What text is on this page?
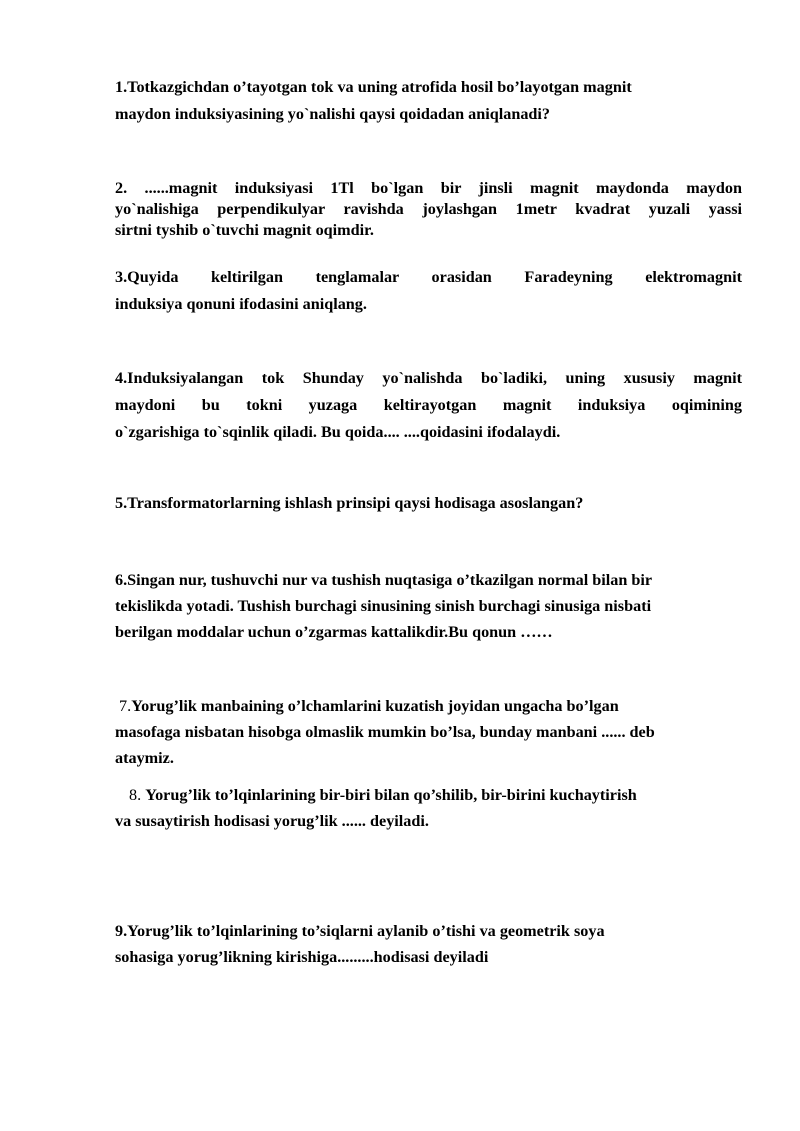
1.Totkazgichdan o’tayotgan tok va uning atrofida hosil bo’layotgan magnit
maydon induksiyasining yo`nalishi qaysi qoidadan aniqlanadi?

2. ......magnit induksiyasi 1Tl bo`lgan bir jinsli magnit maydonda maydon
yo`nalishiga perpendikulyar ravishda joylashgan 1metr kvadrat yuzali yassi
sirtni tyshib o`tuvchi magnit oqimdir.

3.Quyida keltirilgan tenglamalar orasidan Faradeyning elektromagnit
induksiya qonuni ifodasini aniqlang.

4.Induksiyalangan tok Shunday yo`nalishda bo`ladiki, uning xususiy magnit
maydoni bu tokni yuzaga keltirayotgan magnit induksiya oqimining
o`zgarishiga to`sqinlik qiladi. Bu qoida.... ....qoidasini ifodalaydi.

5.Transformatorlarning ishlash prinsipi qaysi hodisaga asoslangan?

6.Singan nur, tushuvchi nur va tushish nuqtasiga o’tkazilgan normal bilan bir
tekislikda yotadi. Tushish burchagi sinusining sinish burchagi sinusiga nisbati
berilgan moddalar uchun o’zgarmas kattalikdir.Bu qonun ……

7.Yorug’lik manbaining o’lchamlarini kuzatish joyidan ungacha bo’lgan
masofaga nisbatan hisobga olmaslik mumkin bo’lsa, bunday manbani ...... deb
ataymiz.

8. Yorug’lik to’lqinlarining bir-biri bilan qo’shilib, bir-birini kuchaytirish
va susaytirish hodisasi yorug’lik ...... deyiladi.

9.Yorug’lik to’lqinlarining to’siqlarni aylanib o’tishi va geometrik soya
sohasiga yorug’likning kirishiga.........hodisasi deyiladi
